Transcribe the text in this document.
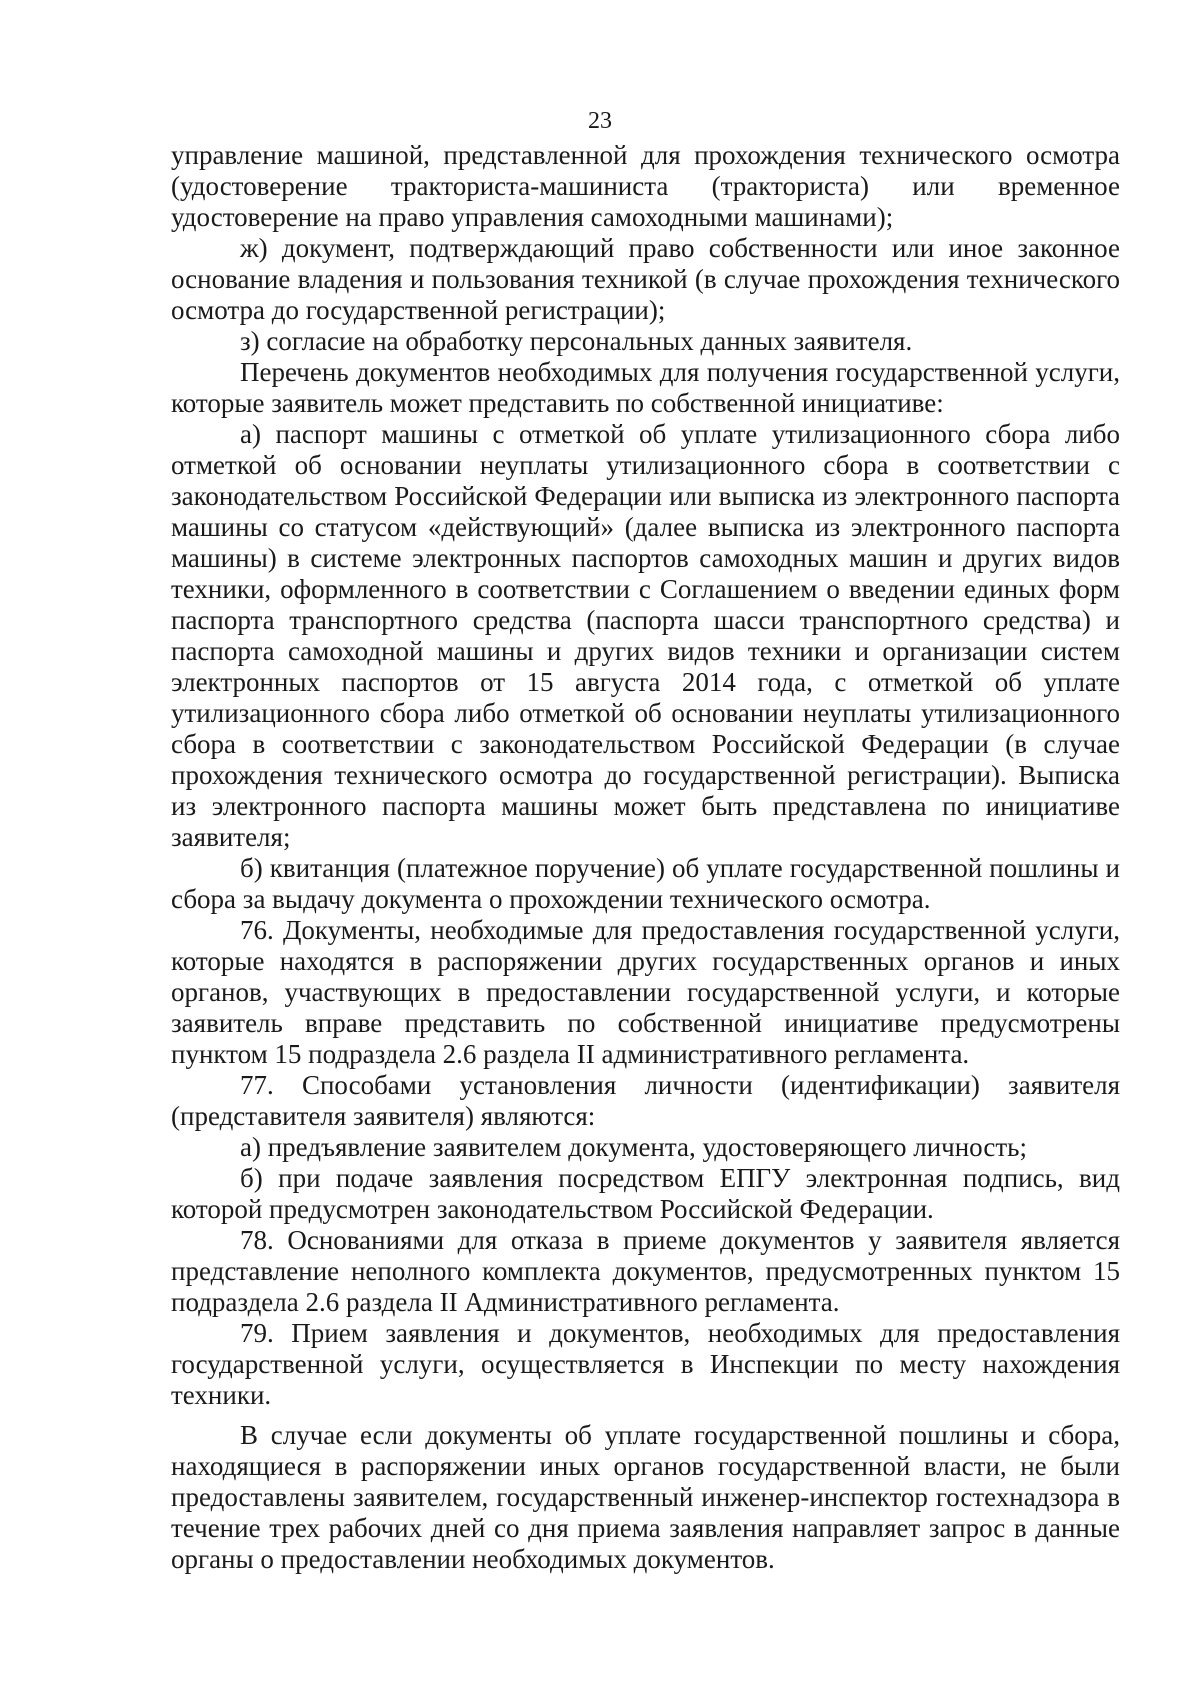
23

управление машиной, представленной для прохождения технического осмотра (удостоверение тракториста-машиниста (тракториста) или временное удостоверение на право управления самоходными машинами);

ж) документ, подтверждающий право собственности или иное законное основание владения и пользования техникой (в случае прохождения технического осмотра до государственной регистрации);

з) согласие на обработку персональных данных заявителя.

Перечень документов необходимых для получения государственной услуги, которые заявитель может представить по собственной инициативе:

а) паспорт машины с отметкой об уплате утилизационного сбора либо отметкой об основании неуплаты утилизационного сбора в соответствии с законодательством Российской Федерации или выписка из электронного паспорта машины со статусом «действующий» (далее выписка из электронного паспорта машины) в системе электронных паспортов самоходных машин и других видов техники, оформленного в соответствии с Соглашением о введении единых форм паспорта транспортного средства (паспорта шасси транспортного средства) и паспорта самоходной машины и других видов техники и организации систем электронных паспортов от 15 августа 2014 года, с отметкой об уплате утилизационного сбора либо отметкой об основании неуплаты утилизационного сбора в соответствии с законодательством Российской Федерации (в случае прохождения технического осмотра до государственной регистрации). Выписка из электронного паспорта машины может быть представлена по инициативе заявителя;

б) квитанция (платежное поручение) об уплате государственной пошлины и сбора за выдачу документа о прохождении технического осмотра.

76. Документы, необходимые для предоставления государственной услуги, которые находятся в распоряжении других государственных органов и иных органов, участвующих в предоставлении государственной услуги, и которые заявитель вправе представить по собственной инициативе предусмотрены пунктом 15 подраздела 2.6 раздела II административного регламента.

77. Способами установления личности (идентификации) заявителя (представителя заявителя) являются:

а) предъявление заявителем документа, удостоверяющего личность;

б) при подаче заявления посредством ЕПГУ электронная подпись, вид которой предусмотрен законодательством Российской Федерации.

78. Основаниями для отказа в приеме документов у заявителя является представление неполного комплекта документов, предусмотренных пунктом 15 подраздела 2.6 раздела II Административного регламента.

79. Прием заявления и документов, необходимых для предоставления государственной услуги, осуществляется в Инспекции по месту нахождения техники.

В случае если документы об уплате государственной пошлины и сбора, находящиеся в распоряжении иных органов государственной власти, не были предоставлены заявителем, государственный инженер-инспектор гостехнадзора в течение трех рабочих дней со дня приема заявления направляет запрос в данные органы о предоставлении необходимых документов.
